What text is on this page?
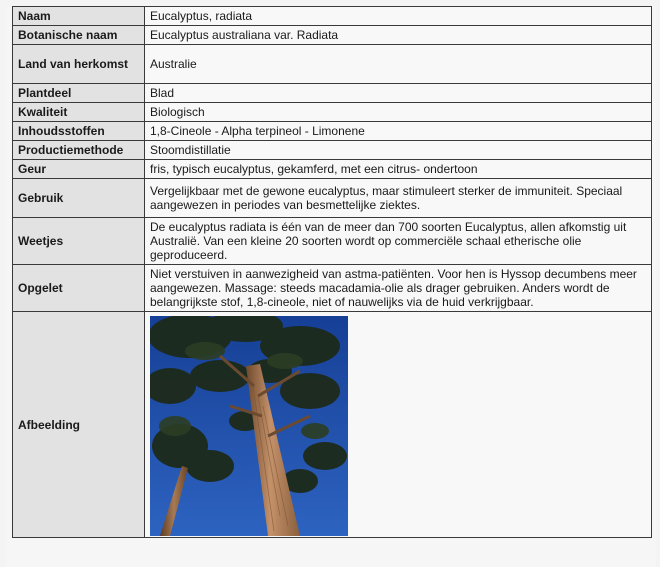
Naam	Eucalyptus, radiata
Botanische naam	Eucalyptus australiana var. Radiata
Land van herkomst	Australie
Plantdeel	Blad
Kwaliteit	Biologisch
Inhoudsstoffen	1,8-Cineole - Alpha terpineol - Limonene
Productiemethode	Stoomdistillatie
Geur	fris, typisch eucalyptus, gekamferd, met een citrus- ondertoon
Gebruik	Vergelijkbaar met de gewone eucalyptus, maar stimuleert sterker de immuniteit. Speciaal aangewezen in periodes van besmettelijke ziektes.
Weetjes	De eucalyptus radiata is één van de meer dan 700 soorten Eucalyptus, allen afkomstig uit Australië. Van een kleine 20 soorten wordt op commerciële schaal etherische olie geproduceerd.
Opgelet	Niet verstuiven in aanwezigheid van astma-patiënten. Voor hen is Hyssop decumbens meer aangewezen. Massage: steeds macadamia-olie als drager gebruiken. Anders wordt de belangrijkste stof, 1,8-cineole, niet of nauwelijks via de huid verkrijgbaar.
Afbeelding	
